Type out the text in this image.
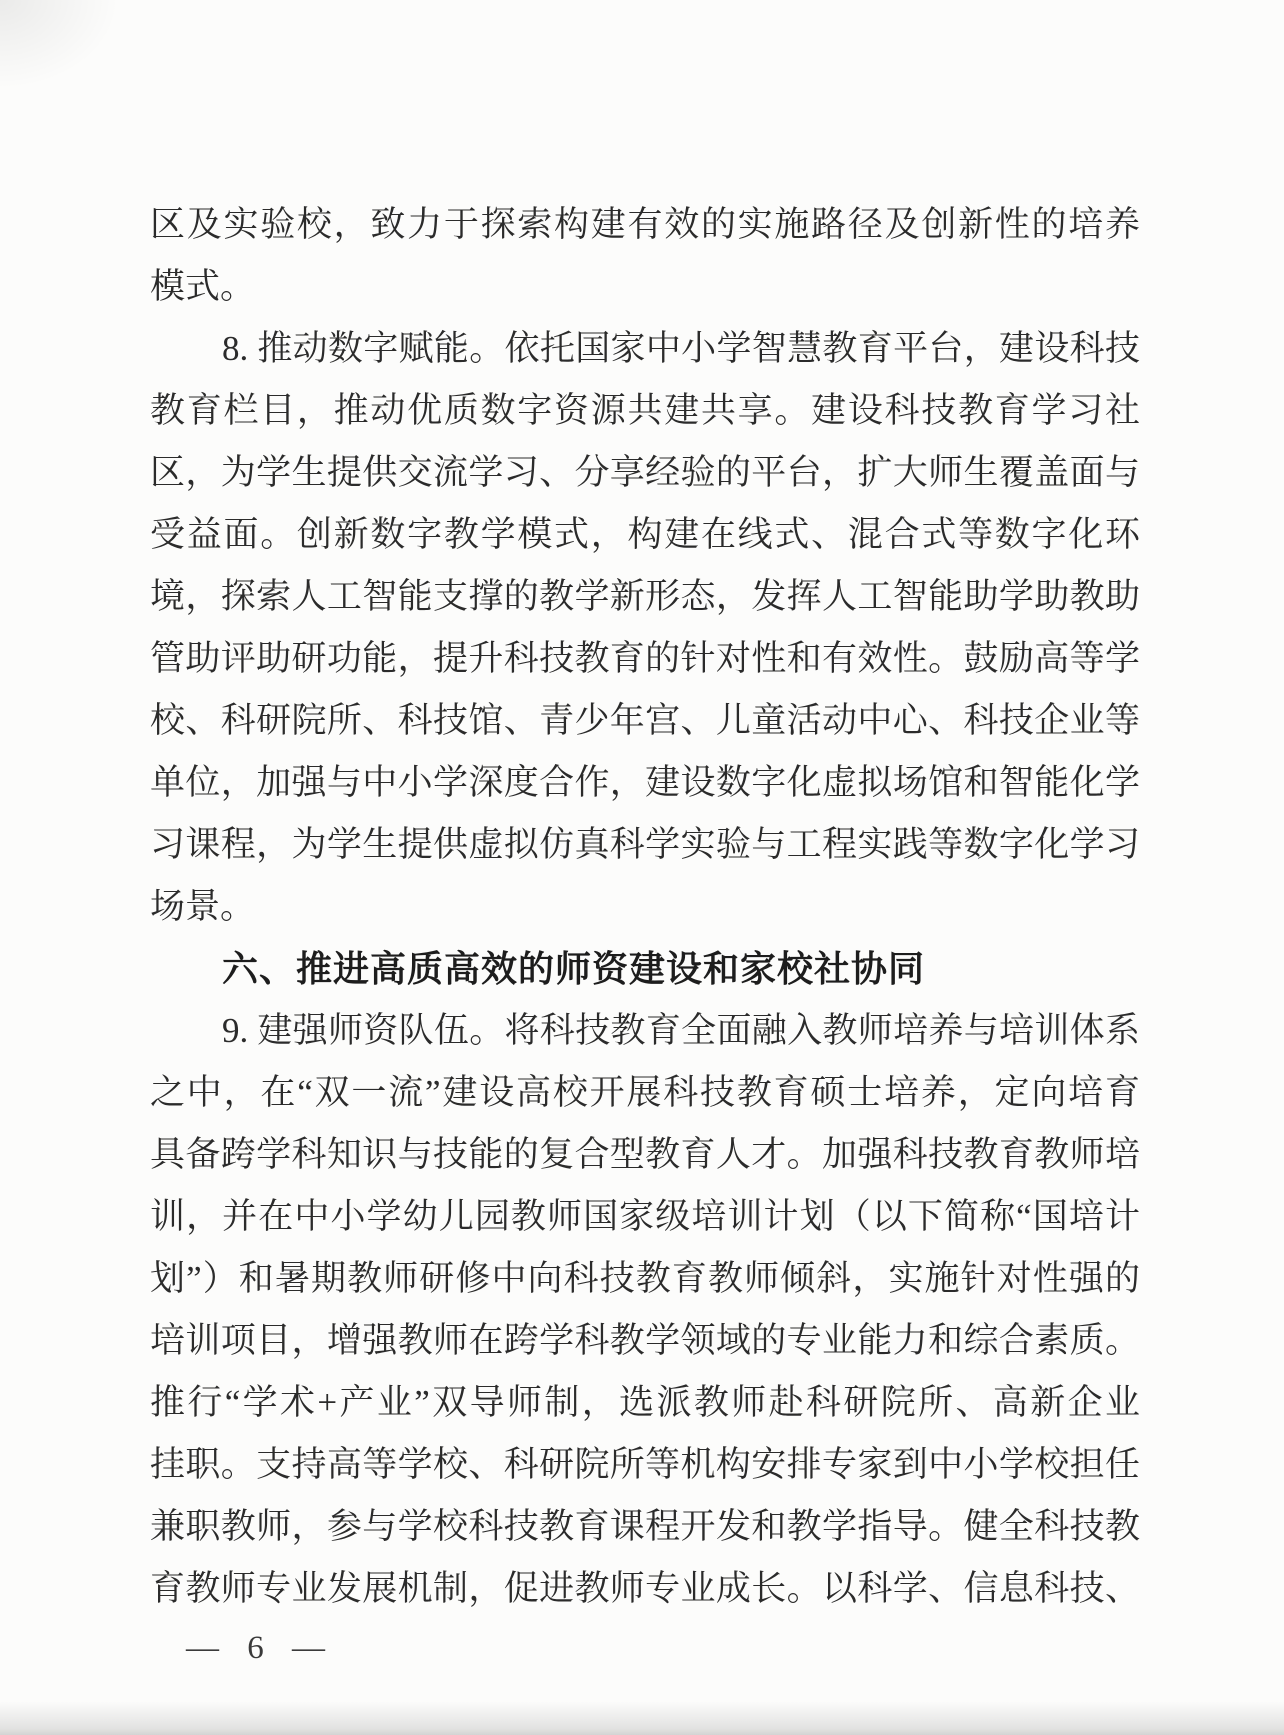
区及实验校，致力于探索构建有效的实施路径及创新性的培养
模式。
8. 推动数字赋能。依托国家中小学智慧教育平台，建设科技
教育栏目，推动优质数字资源共建共享。建设科技教育学习社
区，为学生提供交流学习、分享经验的平台，扩大师生覆盖面与
受益面。创新数字教学模式，构建在线式、混合式等数字化环
境，探索人工智能支撑的教学新形态，发挥人工智能助学助教助
管助评助研功能，提升科技教育的针对性和有效性。鼓励高等学
校、科研院所、科技馆、青少年宫、儿童活动中心、科技企业等
单位，加强与中小学深度合作，建设数字化虚拟场馆和智能化学
习课程，为学生提供虚拟仿真科学实验与工程实践等数字化学习
场景。
六、推进高质高效的师资建设和家校社协同
9. 建强师资队伍。将科技教育全面融入教师培养与培训体系
之中，在“双一流”建设高校开展科技教育硕士培养，定向培育
具备跨学科知识与技能的复合型教育人才。加强科技教育教师培
训，并在中小学幼儿园教师国家级培训计划（以下简称“国培计
划”）和暑期教师研修中向科技教育教师倾斜，实施针对性强的
培训项目，增强教师在跨学科教学领域的专业能力和综合素质。
推行“学术+产业”双导师制，选派教师赴科研院所、高新企业
挂职。支持高等学校、科研院所等机构安排专家到中小学校担任
兼职教师，参与学校科技教育课程开发和教学指导。健全科技教
育教师专业发展机制，促进教师专业成长。以科学、信息科技、
— 6 —
